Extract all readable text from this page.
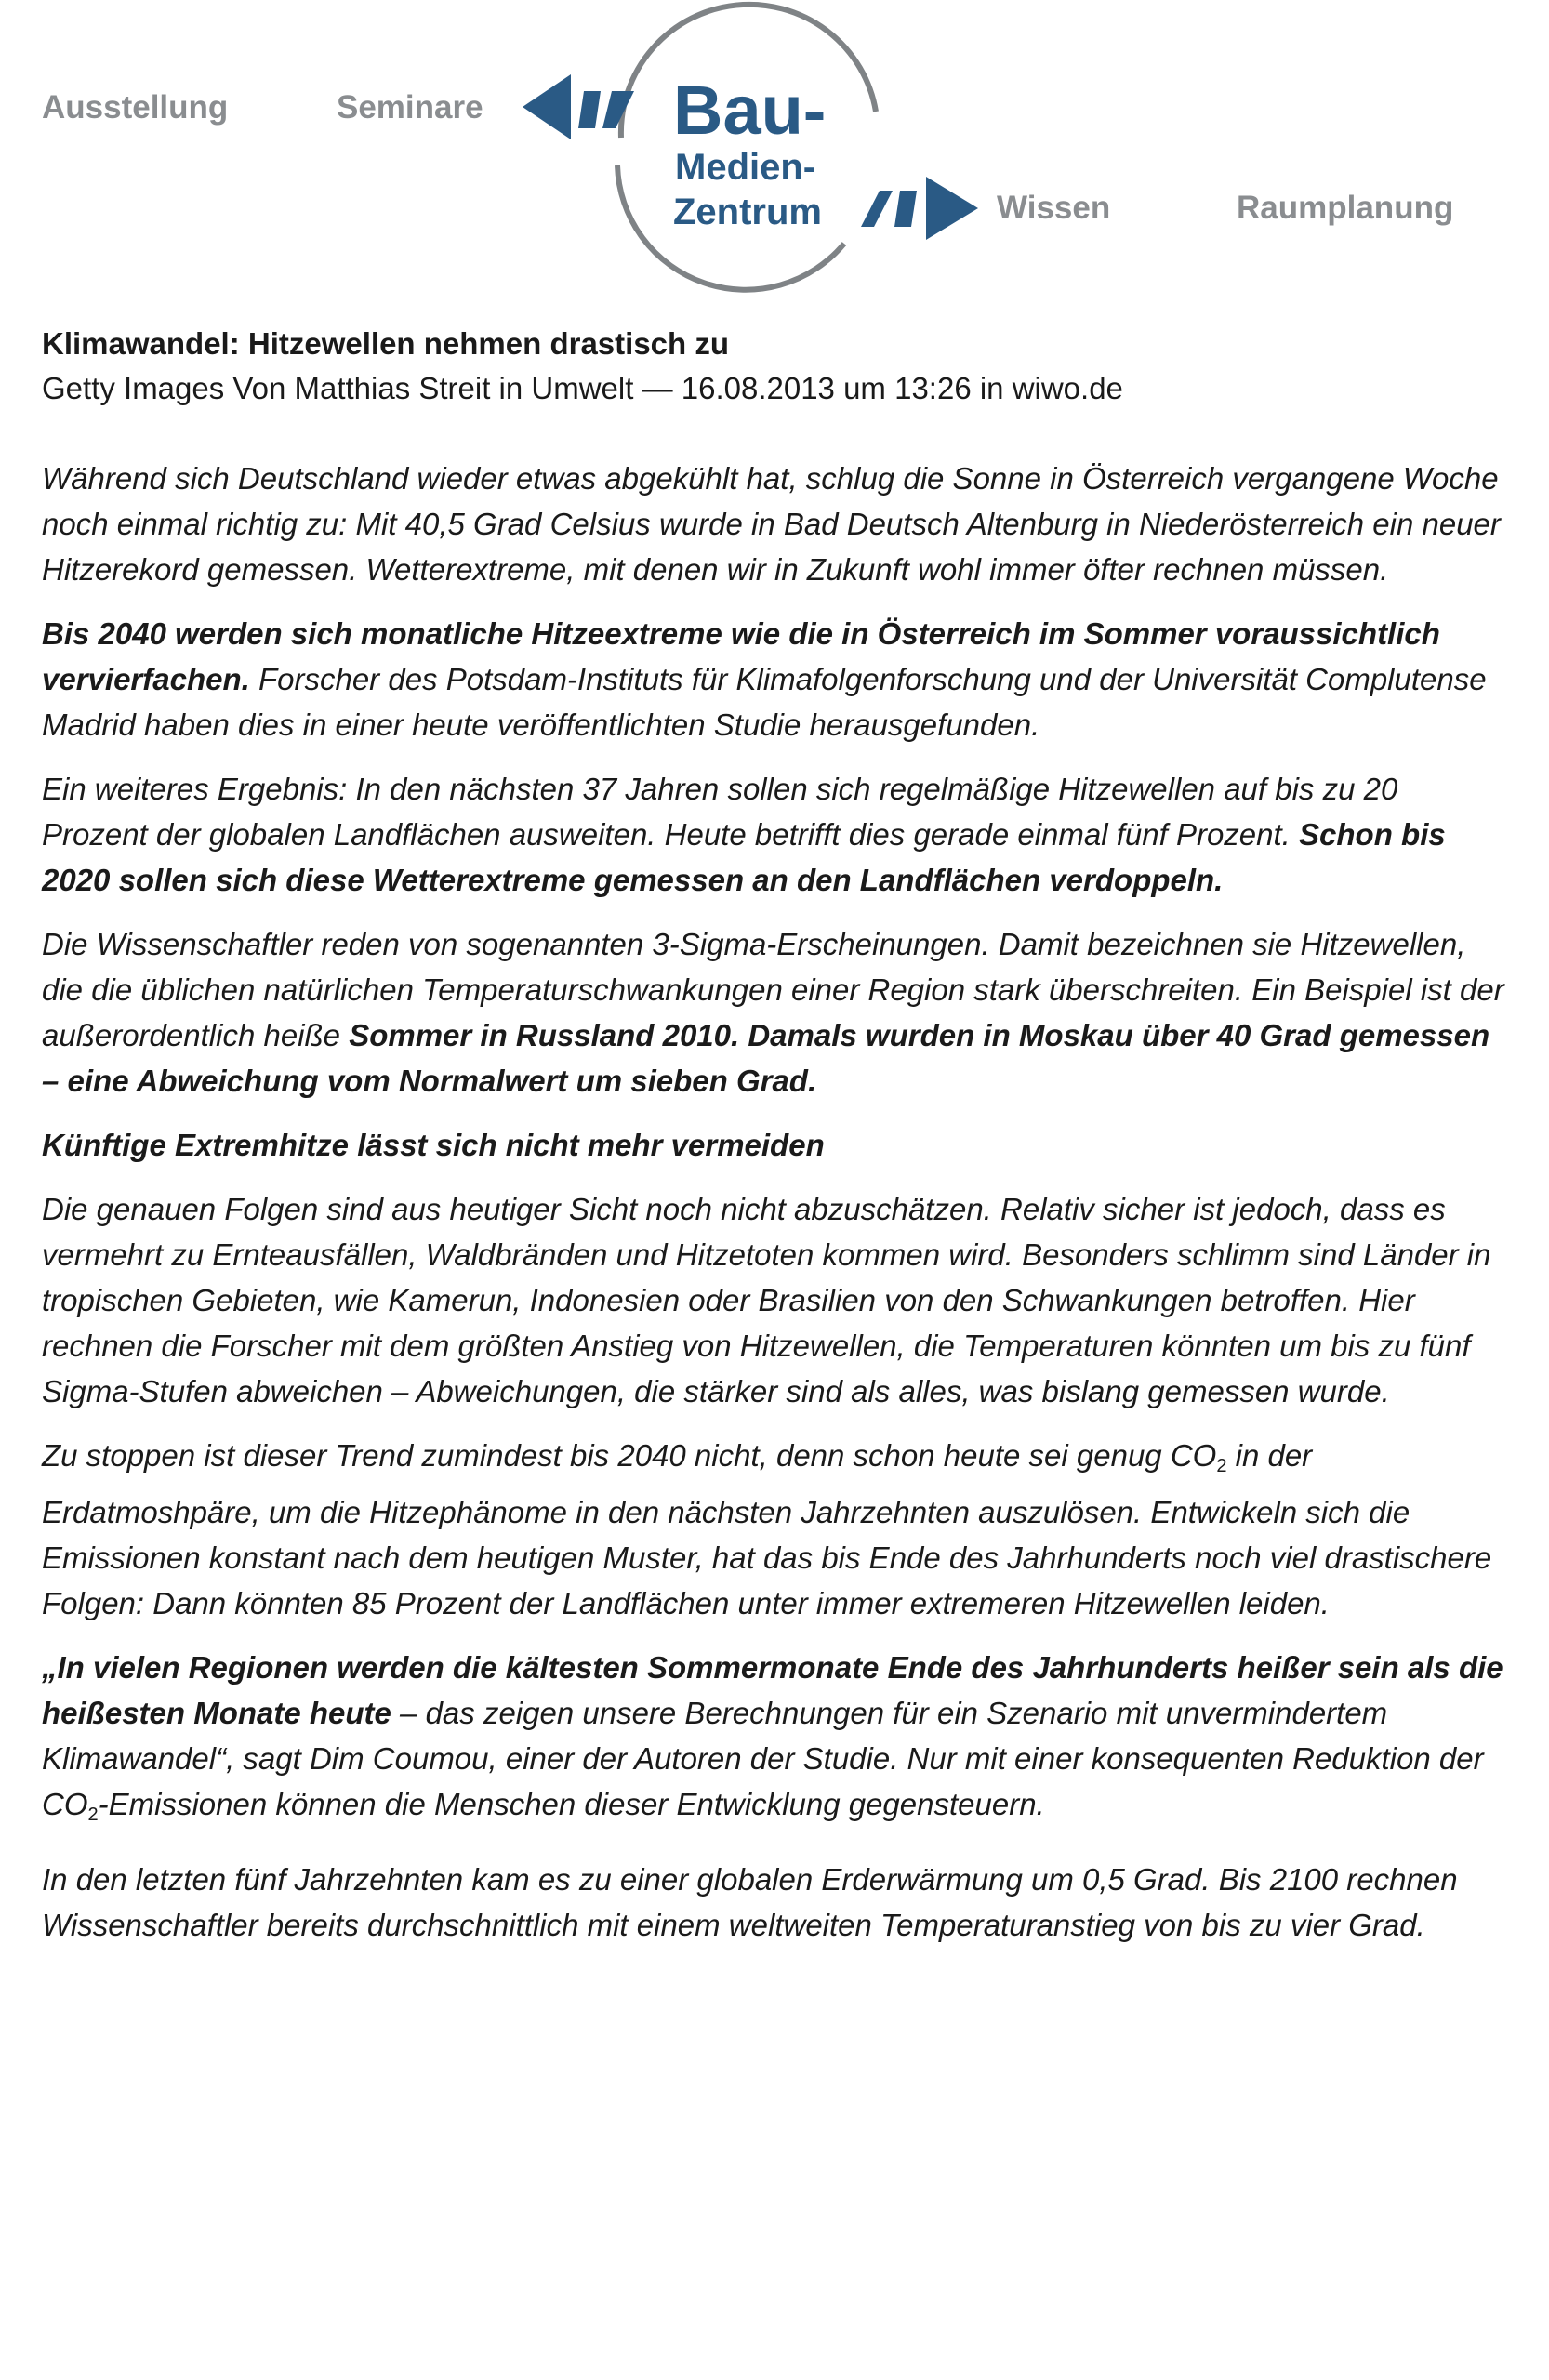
Ausstellung	Seminare	Bau-
Medien-
Zentrum	Wissen	Raumplanung
Klimawandel: Hitzewellen nehmen drastisch zu

Getty Images Von Matthias Streit in Umwelt — 16.08.2013 um 13:26 in wiwo.de

Während sich Deutschland wieder etwas abgekühlt hat, schlug die Sonne in Österreich vergangene Woche noch einmal richtig zu: Mit 40,5 Grad Celsius wurde in Bad Deutsch Altenburg in Niederösterreich ein neuer Hitzerekord gemessen. Wetterextreme, mit denen wir in Zukunft wohl immer öfter rechnen müssen.

Bis 2040 werden sich monatliche Hitzeextreme wie die in Österreich im Sommer voraussichtlich vervierfachen. Forscher des Potsdam-Instituts für Klimafolgenforschung und der Universität Complutense Madrid haben dies in einer heute veröffentlichten Studie herausgefunden.

Ein weiteres Ergebnis: In den nächsten 37 Jahren sollen sich regelmäßige Hitzewellen auf bis zu 20 Prozent der globalen Landflächen ausweiten. Heute betrifft dies gerade einmal fünf Prozent. Schon bis 2020 sollen sich diese Wetterextreme gemessen an den Landflächen verdoppeln.

Die Wissenschaftler reden von sogenannten 3-Sigma-Erscheinungen. Damit bezeichnen sie Hitzewellen, die die üblichen natürlichen Temperaturschwankungen einer Region stark überschreiten. Ein Beispiel ist der außerordentlich heiße Sommer in Russland 2010. Damals wurden in Moskau über 40 Grad gemessen – eine Abweichung vom Normalwert um sieben Grad.

Künftige Extremhitze lässt sich nicht mehr vermeiden

Die genauen Folgen sind aus heutiger Sicht noch nicht abzuschätzen. Relativ sicher ist jedoch, dass es vermehrt zu Ernteausfällen, Waldbränden und Hitzetoten kommen wird. Besonders schlimm sind Länder in tropischen Gebieten, wie Kamerun, Indonesien oder Brasilien von den Schwankungen betroffen. Hier rechnen die Forscher mit dem größten Anstieg von Hitzewellen, die Temperaturen könnten um bis zu fünf Sigma-Stufen abweichen – Abweichungen, die stärker sind als alles, was bislang gemessen wurde.

Zu stoppen ist dieser Trend zumindest bis 2040 nicht, denn schon heute sei genug $CO_2$ in der Erdatmoshpäre, um die Hitzephänome in den nächsten Jahrzehnten auszulösen. Entwickeln sich die Emissionen konstant nach dem heutigen Muster, hat das bis Ende des Jahrhunderts noch viel drastischere Folgen: Dann könnten 85 Prozent der Landflächen unter immer extremeren Hitzewellen leiden.

„In vielen Regionen werden die kältesten Sommermonate Ende des Jahrhunderts heißer sein als die heißesten Monate heute – das zeigen unsere Berechnungen für ein Szenario mit unvermindertem Klimawandel“, sagt Dim Coumou, einer der Autoren der Studie. Nur mit einer konsequenten Reduktion der $CO_2$-Emissionen können die Menschen dieser Entwicklung gegensteuern.

In den letzten fünf Jahrzehnten kam es zu einer globalen Erderwärmung um 0,5 Grad. Bis 2100 rechnen Wissenschaftler bereits durchschnittlich mit einem weltweiten Temperaturanstieg von bis zu vier Grad.
